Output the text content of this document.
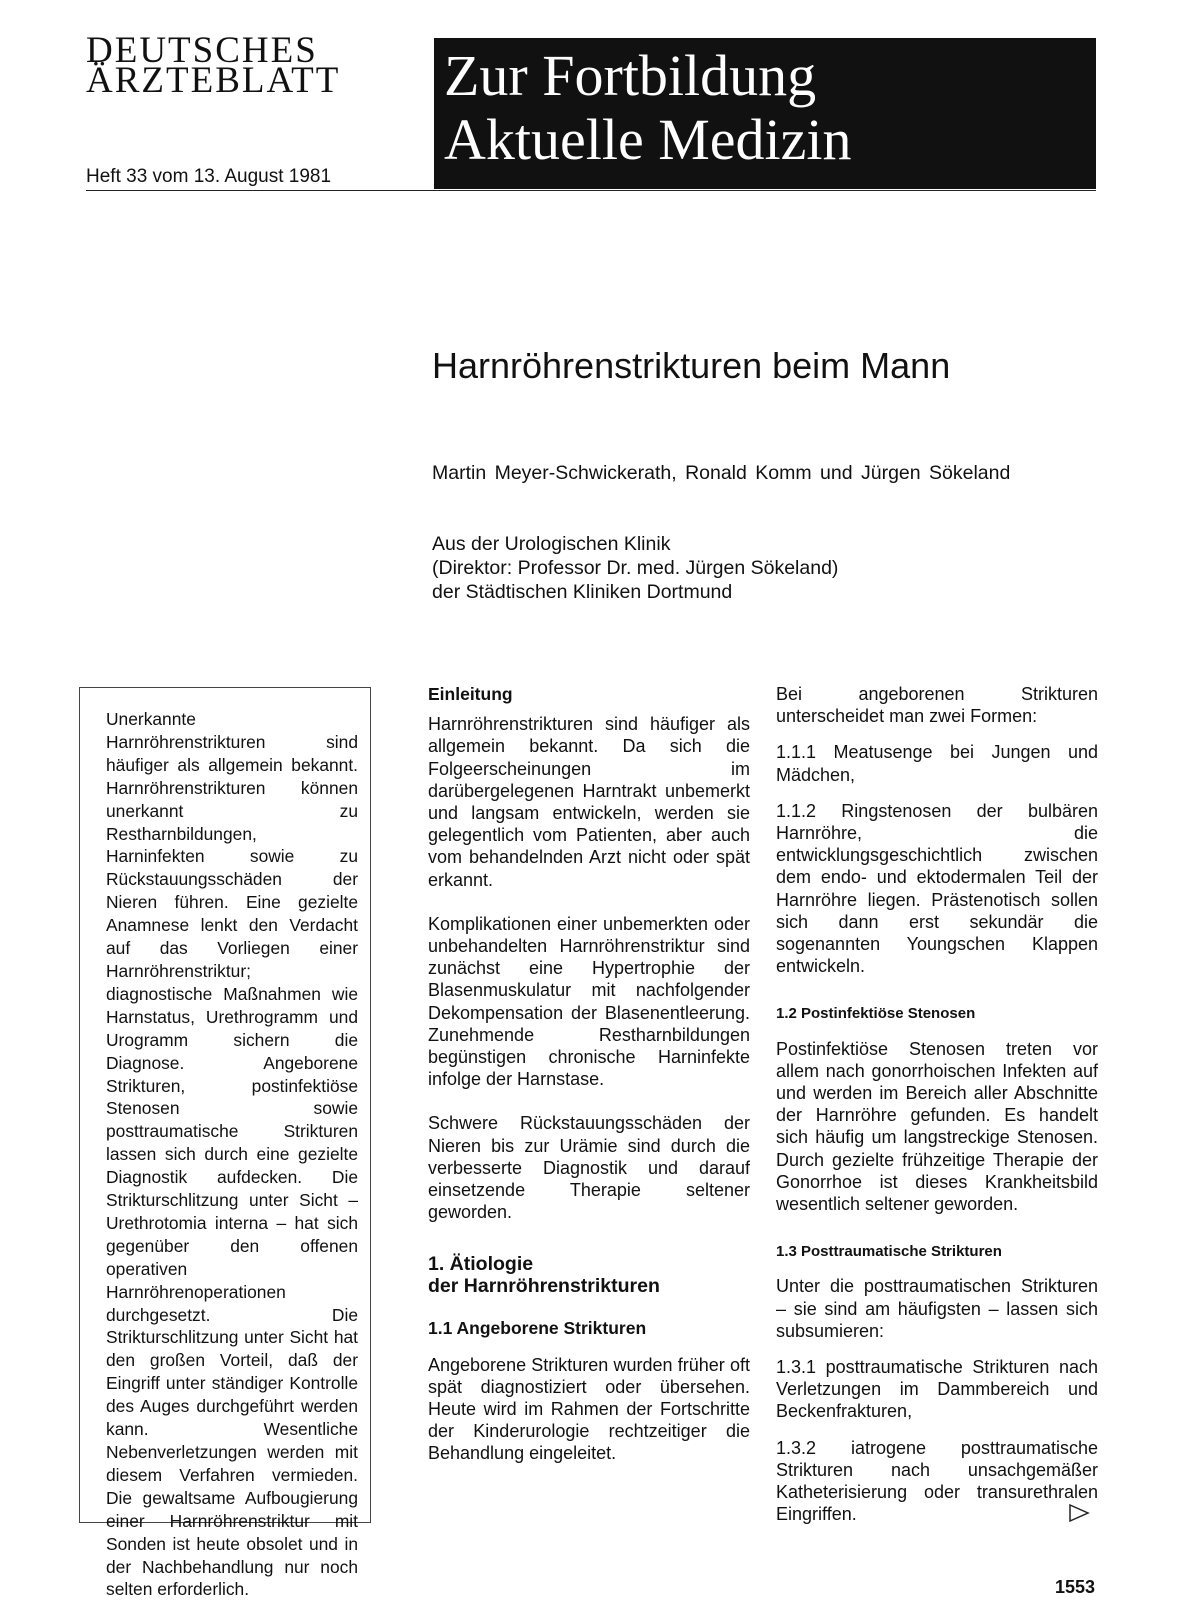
DEUTSCHES
ÄRZTEBLATT
Heft 33 vom 13. August 1981
Zur Fortbildung
Aktuelle Medizin
Harnröhrenstrikturen beim Mann
Martin Meyer-Schwickerath, Ronald Komm und Jürgen Sökeland
Aus der Urologischen Klinik
(Direktor: Professor Dr. med. Jürgen Sökeland)
der Städtischen Kliniken Dortmund
Unerkannte Harnröhrenstrikturen sind häufiger als allgemein bekannt. Harnröhrenstrikturen können unerkannt zu Restharnbildungen, Harninfekten sowie zu Rückstauungsschäden der Nieren führen. Eine gezielte Anamnese lenkt den Verdacht auf das Vorliegen einer Harnröhrenstriktur; diagnostische Maßnahmen wie Harnstatus, Urethrogramm und Urogramm sichern die Diagnose. Angeborene Strikturen, postinfektiöse Stenosen sowie posttraumatische Strikturen lassen sich durch eine gezielte Diagnostik aufdecken. Die Strikturschlitzung unter Sicht – Urethrotomia interna – hat sich gegenüber den offenen operativen Harnröhrenoperationen durchgesetzt. Die Strikturschlitzung unter Sicht hat den großen Vorteil, daß der Eingriff unter ständiger Kontrolle des Auges durchgeführt werden kann. Wesentliche Nebenverletzungen werden mit diesem Verfahren vermieden. Die gewaltsame Aufbougierung einer Harnröhrenstriktur mit Sonden ist heute obsolet und in der Nachbehandlung nur noch selten erforderlich.
Einleitung

Harnröhrenstrikturen sind häufiger als allgemein bekannt. Da sich die Folgeerscheinungen im darübergelegenen Harntrakt unbemerkt und langsam entwickeln, werden sie gelegentlich vom Patienten, aber auch vom behandelnden Arzt nicht oder spät erkannt.

Komplikationen einer unbemerkten oder unbehandelten Harnröhrenstriktur sind zunächst eine Hypertrophie der Blasenmuskulatur mit nachfolgender Dekompensation der Blasenentleerung. Zunehmende Restharnbildungen begünstigen chronische Harninfekte infolge der Harnstase.

Schwere Rückstauungsschäden der Nieren bis zur Urämie sind durch die verbesserte Diagnostik und darauf einsetzende Therapie seltener geworden.

1. Ätiologie
der Harnröhrenstrikturen
1.1 Angeborene Strikturen

Angeborene Strikturen wurden früher oft spät diagnostiziert oder übersehen. Heute wird im Rahmen der Fortschritte der Kinderurologie rechtzeitiger die Behandlung eingeleitet.

Bei angeborenen Strikturen unterscheidet man zwei Formen:

1.1.1 Meatusenge bei Jungen und Mädchen,

1.1.2 Ringstenosen der bulbären Harnröhre, die entwicklungsgeschichtlich zwischen dem endo- und ektodermalen Teil der Harnröhre liegen. Prästenotisch sollen sich dann erst sekundär die sogenannten Youngschen Klappen entwickeln.

1.2 Postinfektiöse Stenosen

Postinfektiöse Stenosen treten vor allem nach gonorrhoischen Infekten auf und werden im Bereich aller Abschnitte der Harnröhre gefunden. Es handelt sich häufig um langstreckige Stenosen. Durch gezielte frühzeitige Therapie der Gonorrhoe ist dieses Krankheitsbild wesentlich seltener geworden.

1.3 Posttraumatische Strikturen

Unter die posttraumatischen Strikturen – sie sind am häufigsten – lassen sich subsumieren:

1.3.1 posttraumatische Strikturen nach Verletzungen im Dammbereich und Beckenfrakturen,

1.3.2 iatrogene posttraumatische Strikturen nach unsachgemäßer Katheterisierung oder transurethralen Eingriffen.

1553
